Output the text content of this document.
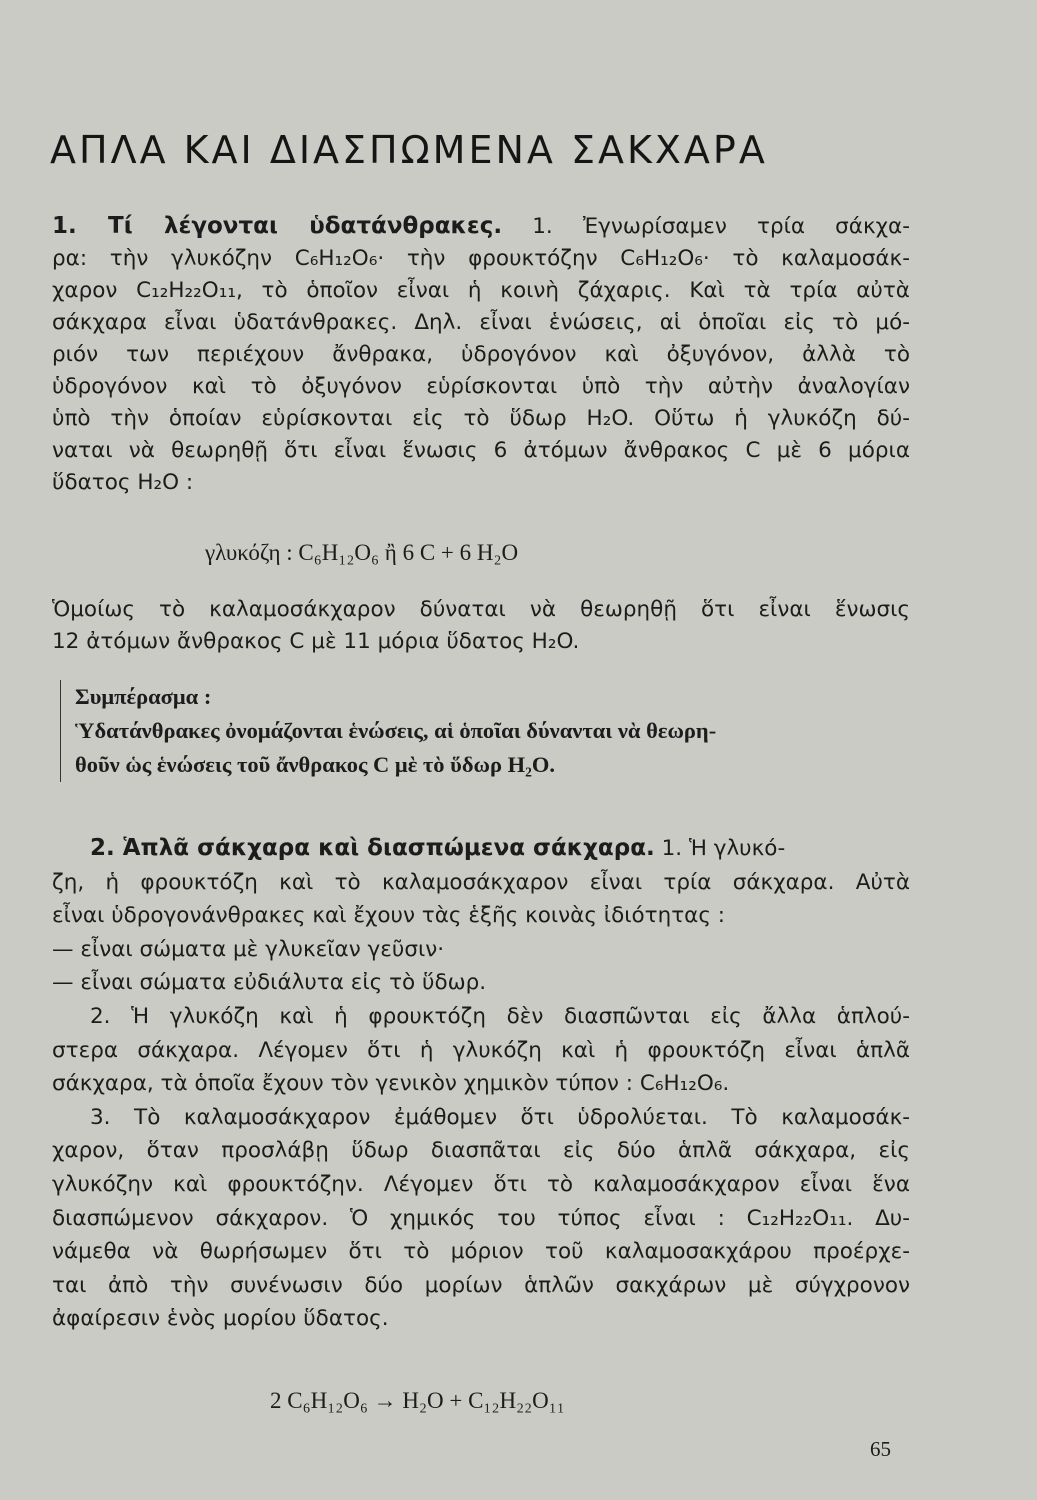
ΑΠΛΑ ΚΑΙ ΔΙΑΣΠΩΜΕΝΑ ΣΑΚΧΑΡΑ
1. Τί λέγονται ὑδατάνθρακες. 1. Ἐγνωρίσαμεν τρία σάκχα-
ρα: τὴν γλυκόζην C₆H₁₂O₆· τὴν φρουκτόζην C₆H₁₂O₆· τὸ καλαμοσάκ-
χαρον C₁₂H₂₂O₁₁, τὸ ὁποῖον εἶναι ἡ κοινὴ ζάχαρις. Καὶ τὰ τρία αὐτὰ
σάκχαρα εἶναι ὑδατάνθρακες. Δηλ. εἶναι ἑνώσεις, αἱ ὁποῖαι εἰς τὸ μό-
ριόν των περιέχουν ἄνθρακα, ὑδρογόνον καὶ ὀξυγόνον, ἀλλὰ τὸ
ὑδρογόνον καὶ τὸ ὀξυγόνον εὑρίσκονται ὑπὸ τὴν αὐτὴν ἀναλογίαν
ὑπὸ τὴν ὁποίαν εὑρίσκονται εἰς τὸ ὕδωρ H₂O. Οὕτω ἡ γλυκόζη δύ-
ναται νὰ θεωρηθῇ ὅτι εἶναι ἕνωσις 6 ἀτόμων ἄνθρακος C μὲ 6 μόρια
ὕδατος H₂O :
γλυκόζη : C₆H₁₂O₆ ἢ 6 C + 6 H₂O
Ὁμοίως τὸ καλαμοσάκχαρον δύναται νὰ θεωρηθῇ ὅτι εἶναι ἕνωσις
12 ἀτόμων ἄνθρακος C μὲ 11 μόρια ὕδατος H₂O.
Συμπέρασμα :
Ὑδατάνθρακες ὀνομάζονται ἑνώσεις, αἱ ὁποῖαι δύνανται νὰ θεωρη-
θοῦν ὡς ἑνώσεις τοῦ ἄνθρακος C μὲ τὸ ὕδωρ H₂O.
2. Ἁπλᾶ σάκχαρα καὶ διασπώμενα σάκχαρα. 1. Ἡ γλυκό-
ζη, ἡ φρουκτόζη καὶ τὸ καλαμοσάκχαρον εἶναι τρία σάκχαρα. Αὐτὰ
εἶναι ὑδρογονάνθρακες καὶ ἔχουν τὰς ἑξῆς κοινὰς ἰδιότητας :
— εἶναι σώματα μὲ γλυκεῖαν γεῦσιν·
— εἶναι σώματα εὐδιάλυτα εἰς τὸ ὕδωρ.
2. Ἡ γλυκόζη καὶ ἡ φρουκτόζη δὲν διασπῶνται εἰς ἄλλα ἁπλού-
στερα σάκχαρα. Λέγομεν ὅτι ἡ γλυκόζη καὶ ἡ φρουκτόζη εἶναι ἁπλᾶ
σάκχαρα, τὰ ὁποῖα ἔχουν τὸν γενικὸν χημικὸν τύπον : C₆H₁₂O₆.
3. Τὸ καλαμοσάκχαρον ἐμάθομεν ὅτι ὑδρολύεται. Τὸ καλαμοσάκ-
χαρον, ὅταν προσλάβῃ ὕδωρ διασπᾶται εἰς δύο ἁπλᾶ σάκχαρα, εἰς
γλυκόζην καὶ φρουκτόζην. Λέγομεν ὅτι τὸ καλαμοσάκχαρον εἶναι ἕνα
διασπώμενον σάκχαρον. Ὁ χημικός του τύπος εἶναι : C₁₂H₂₂O₁₁. Δυ-
νάμεθα νὰ θωρήσωμεν ὅτι τὸ μόριον τοῦ καλαμοσακχάρου προέρχε-
ται ἀπὸ τὴν συνένωσιν δύο μορίων ἁπλῶν σακχάρων μὲ σύγχρονον
ἀφαίρεσιν ἑνὸς μορίου ὕδατος.
2 C₆H₁₂O₆ → H₂O + C₁₂H₂₂O₁₁
65
